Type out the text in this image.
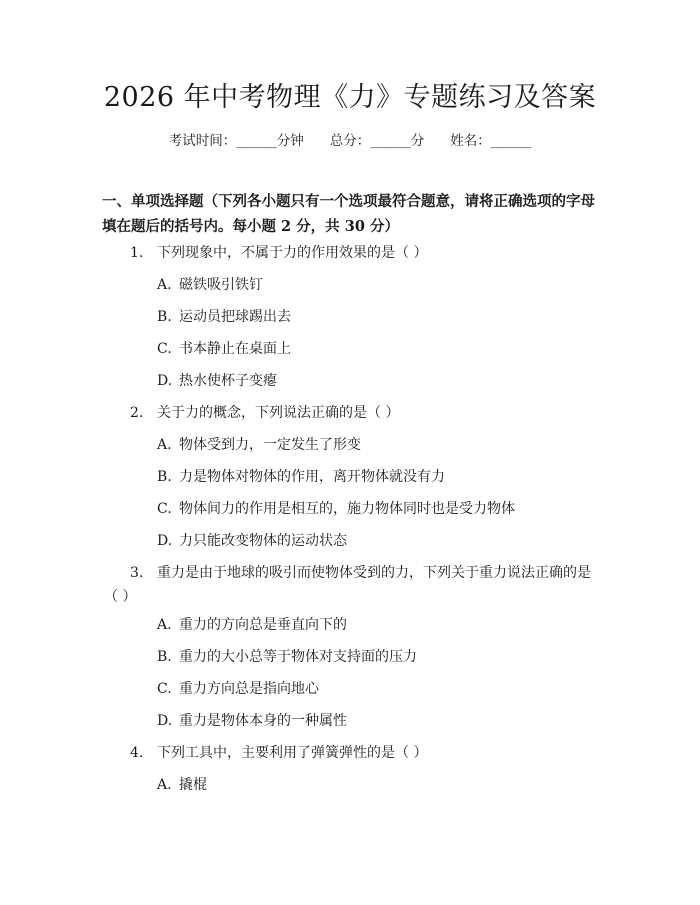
2026 年中考物理《力》专题练习及答案
考试时间：______分钟 总分：______分 姓名：______
一、单项选择题（下列各小题只有一个选项最符合题意，请将正确选项的字母填在题后的括号内。每小题 2 分，共 30 分）
1. 下列现象中，不属于力的作用效果的是（ ）
A. 磁铁吸引铁钉
B. 运动员把球踢出去
C. 书本静止在桌面上
D. 热水使杯子变瘪
2. 关于力的概念，下列说法正确的是（ ）
A. 物体受到力，一定发生了形变
B. 力是物体对物体的作用，离开物体就没有力
C. 物体间力的作用是相互的，施力物体同时也是受力物体
D. 力只能改变物体的运动状态
3. 重力是由于地球的吸引而使物体受到的力，下列关于重力说法正确的是（ ）
A. 重力的方向总是垂直向下的
B. 重力的大小总等于物体对支持面的压力
C. 重力方向总是指向地心
D. 重力是物体本身的一种属性
4. 下列工具中，主要利用了弹簧弹性的是（ ）
A. 撬棍
